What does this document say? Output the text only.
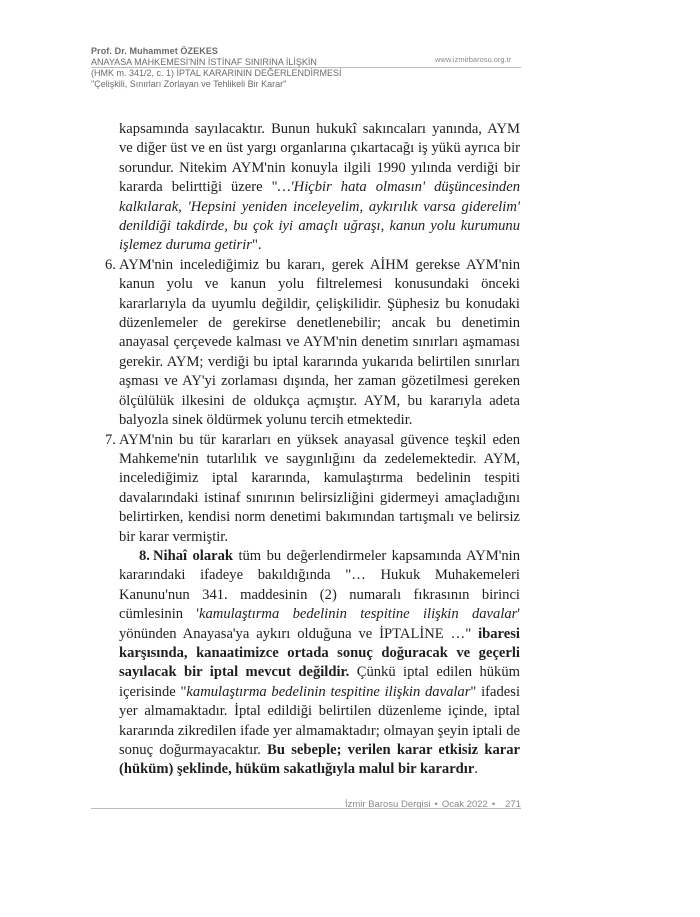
Prof. Dr. Muhammet ÖZEKES
ANAYASA MAHKEMESİ'NİN İSTİNAF SINIRINA İLİŞKİN
(HMK m. 341/2, c. 1) İPTAL KARARININ DEĞERLENDİRMESİ
"Çelişkili, Sınırları Zorlayan ve Tehlikeli Bir Karar"
www.izmirbarosu.org.tr

kapsamında sayılacaktır. Bunun hukukî sakıncaları yanında, AYM ve diğer üst ve en üst yargı organlarına çıkartacağı iş yükü ayrıca bir sorundur. Nitekim AYM'nin konuyla ilgili 1990 yılında verdiği bir kararda belirttiği üzere "…'Hiçbir hata olmasın' düşüncesinden kalkılarak, 'Hepsini yeniden inceleyelim, aykırılık varsa giderelim' denildiği takdirde, bu çok iyi amaçlı uğraşı, kanun yolu kurumunu işlemez duruma getirir".

6. AYM'nin incelediğimiz bu kararı, gerek AİHM gerekse AYM'nin kanun yolu ve kanun yolu filtrelemesi konusundaki önceki kararlarıyla da uyumlu değildir, çelişkilidir. Şüphesiz bu konudaki düzenlemeler de gerekirse denetlenebilir; ancak bu denetimin anayasal çerçevede kalması ve AYM'nin denetim sınırları aşmaması gerekir. AYM; verdiği bu iptal kararında yukarıda belirtilen sınırları aşması ve AY'yi zorlaması dışında, her zaman gözetilmesi gereken ölçülülük ilkesini de oldukça açmıştır. AYM, bu kararıyla adeta balyozla sinek öldürmek yolunu tercih etmektedir.

7. AYM'nin bu tür kararları en yüksek anayasal güvence teşkil eden Mahkeme'nin tutarlılık ve saygınlığını da zedelemektedir. AYM, incelediğimiz iptal kararında, kamulaştırma bedelinin tespiti davalarındaki istinaf sınırının belirsizliğini gidermeyi amaçladığını belirtirken, kendisi norm denetimi bakımından tartışmalı ve belirsiz bir karar vermiştir.

8. Nihaî olarak tüm bu değerlendirmeler kapsamında AYM'nin kararındaki ifadeye bakıldığında "… Hukuk Muhakemeleri Kanunu'nun 341. maddesinin (2) numaralı fıkrasının birinci cümlesinin 'kamulaştırma bedelinin tespitine ilişkin davalar' yönünden Anayasa'ya aykırı olduğuna ve İPTALİNE …" ibaresi karşısında, kanaatimizce ortada sonuç doğuracak ve geçerli sayılacak bir iptal mevcut değildir. Çünkü iptal edilen hüküm içerisinde "kamulaştırma bedelinin tespitine ilişkin davalar" ifadesi yer almamaktadır. İptal edildiği belirtilen düzenleme içinde, iptal kararında zikredilen ifade yer almamaktadır; olmayan şeyin iptali de sonuç doğurmayacaktır. Bu sebeple; verilen karar etkisiz karar (hüküm) şeklinde, hüküm sakatlığıyla malul bir karardır.

İzmir Barosu Dergisi • Ocak 2022 • 271
